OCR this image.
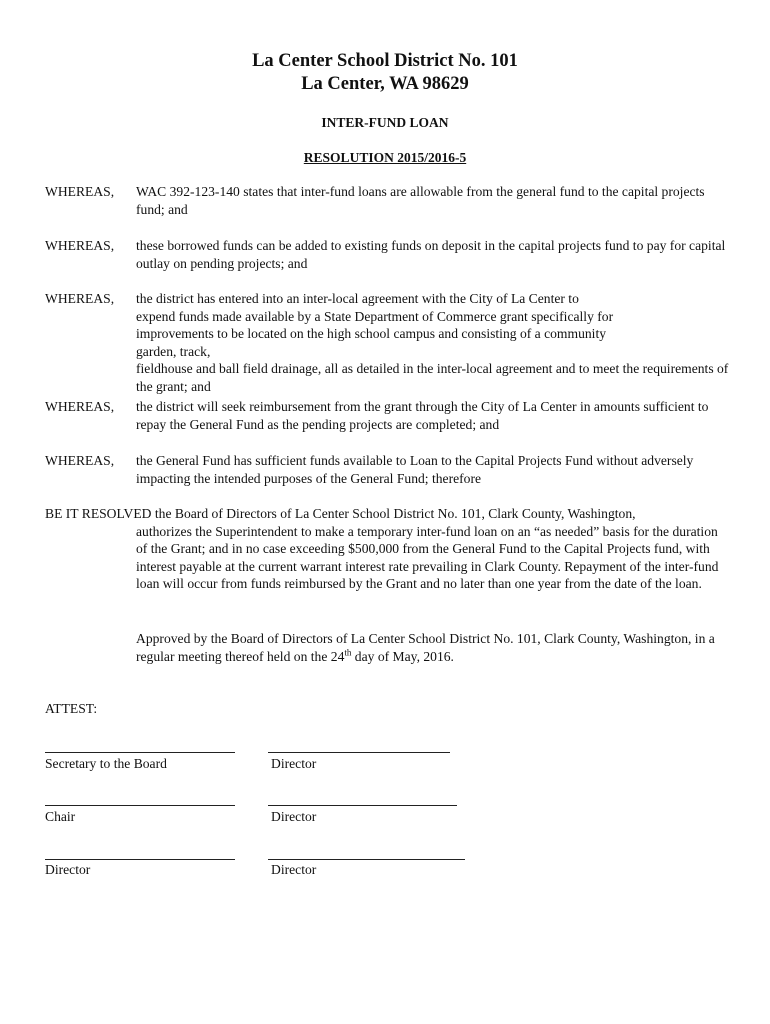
La Center School District No. 101
La Center, WA 98629
INTER-FUND LOAN
RESOLUTION 2015/2016-5
WHEREAS,	WAC 392-123-140 states that inter-fund loans are allowable from the general fund to the capital projects fund; and
WHEREAS,	these borrowed funds can be added to existing funds on deposit in the capital projects fund to pay for capital outlay on pending projects; and
WHEREAS,	the district has entered into an inter-local agreement with the City of La Center to expend funds made available by a State Department of Commerce grant specifically for improvements to be located on the high school campus and consisting of a community garden, track,
fieldhouse and ball field drainage, all as detailed in the inter-local agreement and to meet the requirements of the grant; and
WHEREAS,	the district will seek reimbursement from the grant through the City of La Center in amounts sufficient to repay the General Fund as the pending projects are completed; and
WHEREAS,	the General Fund has sufficient funds available to Loan to the Capital Projects Fund without adversely impacting the intended purposes of the General Fund; therefore
BE IT RESOLVED the Board of Directors of La Center School District No. 101, Clark County, Washington,
authorizes the Superintendent to make a temporary inter-fund loan on an “as needed” basis for the duration of the Grant; and in no case exceeding $500,000 from the General Fund to the Capital Projects fund, with interest payable at the current warrant interest rate prevailing in Clark County. Repayment of the inter-fund loan will occur from funds reimbursed by the Grant and no later than one year from the date of the loan.
Approved by the Board of Directors of La Center School District No. 101, Clark County, Washington, in a regular meeting thereof held on the 24th day of May, 2016.
ATTEST:
Secretary to the Board	Director
Chair	Director
Director	Director
